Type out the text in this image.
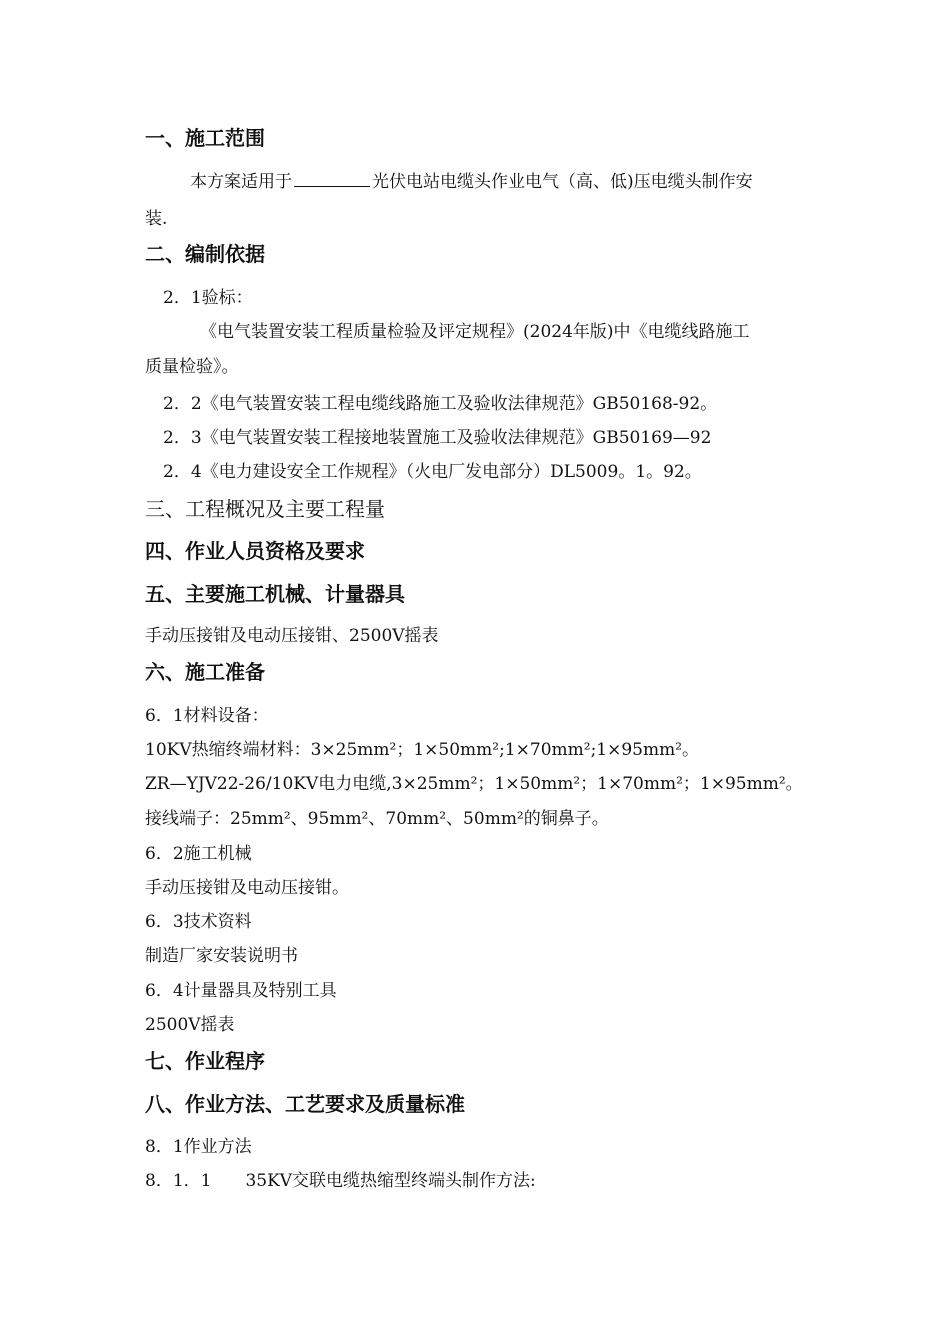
一、施工范围
本方案适用于	光伏电站电缆头作业电气（高、低)压电缆头制作安
装.
二、编制依据
2．1验标：
《电气装置安装工程质量检验及评定规程》(2024年版)中《电缆线路施工
质量检验》。
2．2《电气装置安装工程电缆线路施工及验收法律规范》GB50168-92。
2．3《电气装置安装工程接地装置施工及验收法律规范》GB50169—92
2．4《电力建设安全工作规程》（火电厂发电部分）DL5009。1。92。
三、工程概况及主要工程量
四、作业人员资格及要求
五、主要施工机械、计量器具
手动压接钳及电动压接钳、2500V摇表
六、施工准备
6．1材料设备：
10KV热缩终端材料：3×25mm²；1×50mm²;1×70mm²;1×95mm²。
ZR—YJV22-26/10KV电力电缆,3×25mm²；1×50mm²；1×70mm²；1×95mm²。
接线端子：25mm²、95mm²、70mm²、50mm²的铜鼻子。
6．2施工机械
手动压接钳及电动压接钳。
6．3技术资料
制造厂家安装说明书
6．4计量器具及特别工具
2500V摇表
七、作业程序
八、作业方法、工艺要求及质量标准
8．1作业方法
8．1．1　　35KV交联电缆热缩型终端头制作方法:
